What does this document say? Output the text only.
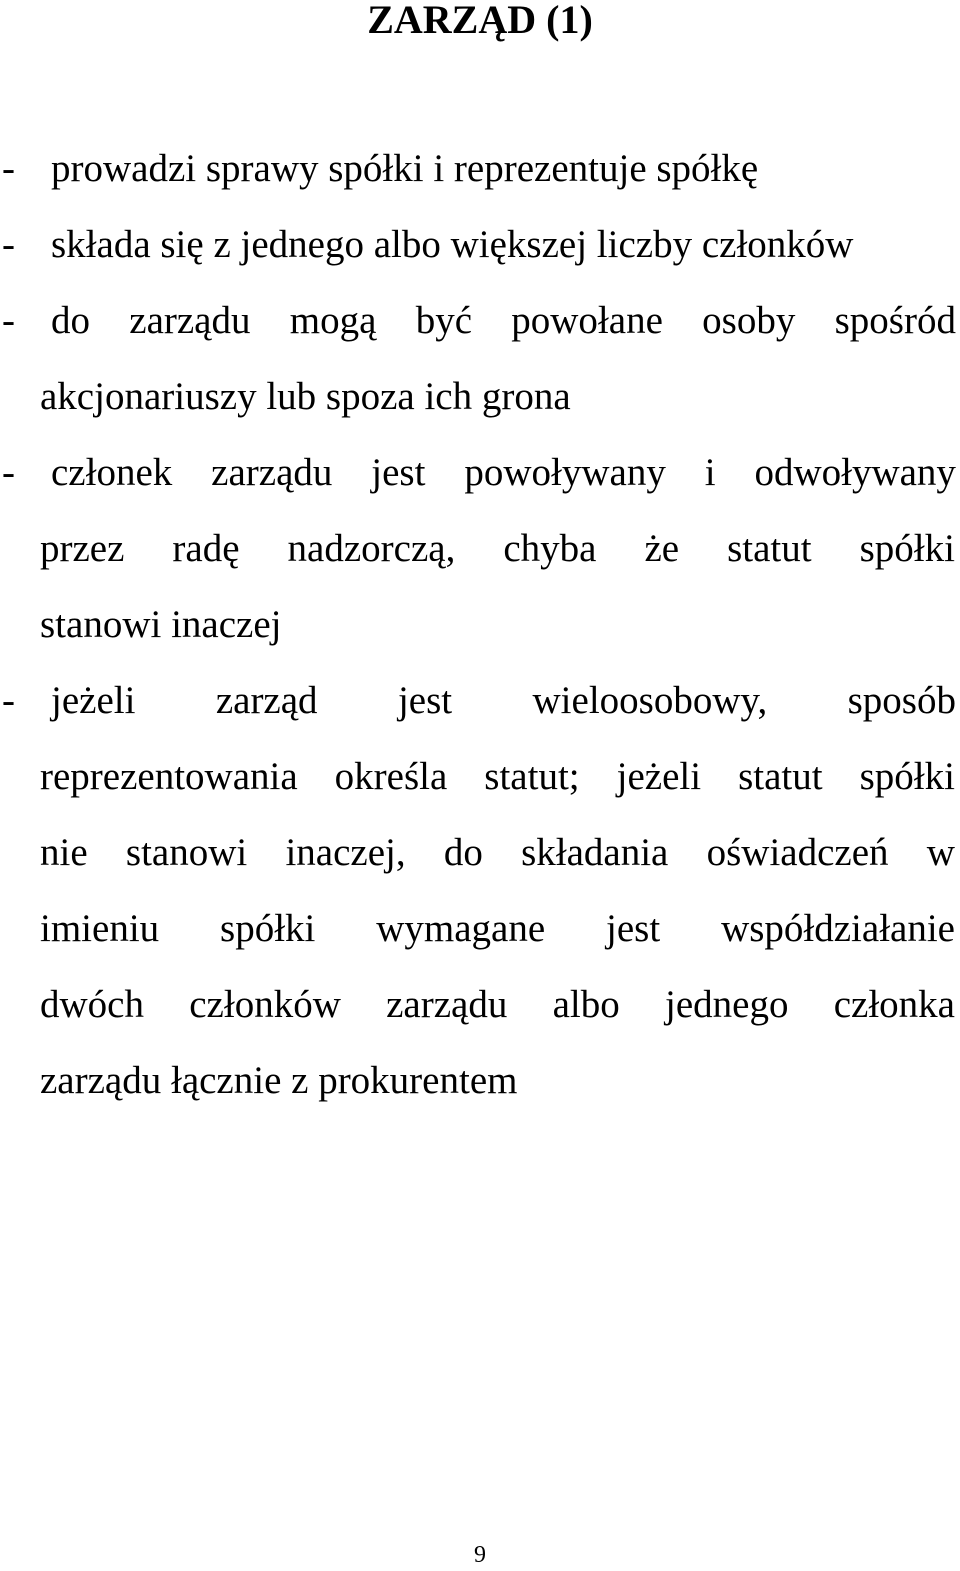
ZARZĄD (1)
- prowadzi sprawy spółki i reprezentuje spółkę
- składa się z jednego albo większej liczby członków
- do zarządu mogą być powołane osoby spośród
akcjonariuszy lub spoza ich grona
- członek zarządu jest powoływany i odwoływany
przez radę nadzorczą, chyba że statut spółki
stanowi inaczej
- jeżeli zarząd jest wieloosobowy, sposób
reprezentowania określa statut; jeżeli statut spółki
nie stanowi inaczej, do składania oświadczeń w
imieniu spółki wymagane jest współdziałanie
dwóch członków zarządu albo jednego członka
zarządu łącznie z prokurentem
9
